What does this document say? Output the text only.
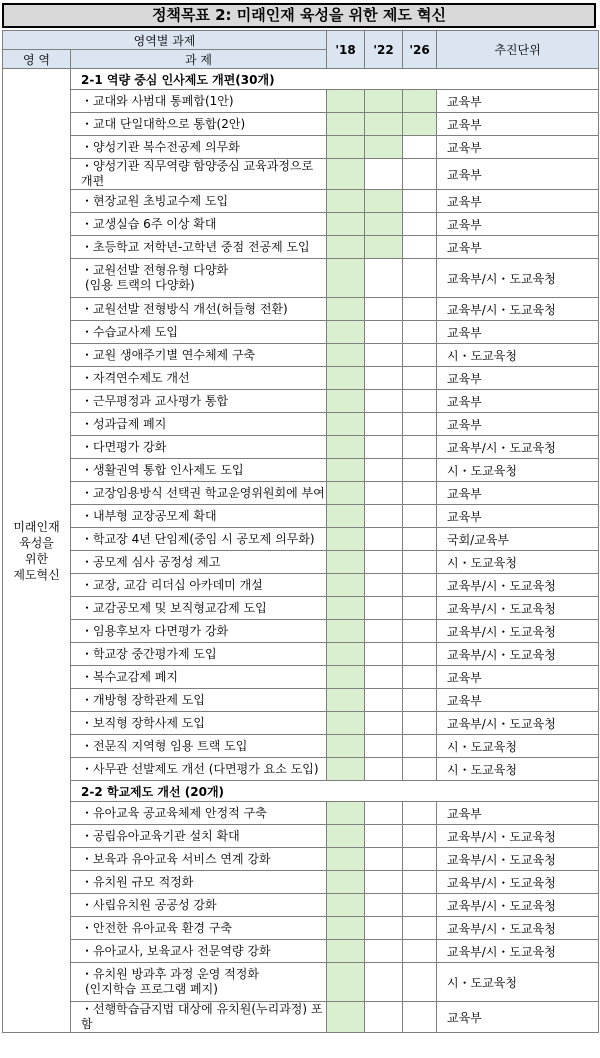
정책목표 2: 미래인재 육성을 위한 제도 혁신
영역별 과제		'18	'22	'26	추진단위
영 역	과 제				

미래인재
육성을
위한
제도혁신	2-1 역량 중심 인사제도 개편(30개)				

	・교대와 사범대 통폐합(1안)				교육부

	・교대 단일대학으로 통합(2안)				교육부

	・양성기관 복수전공제 의무화				교육부

	・양성기관 직무역량 함양중심 교육과정으로 개편				교육부

	・현장교원 초빙교수제 도입				교육부

	・교생실습 6주 이상 확대				교육부

	・초등학교 저학년-고학년 중점 전공제 도입				교육부

	・교원선발 전형유형 다양화
(임용 트랙의 다양화)				교육부/시・도교육청

	・교원선발 전형방식 개선(허들형 전환)				교육부/시・도교육청

	・수습교사제 도입				교육부

	・교원 생애주기별 연수체제 구축				시・도교육청

	・자격연수제도 개선				교육부

	・근무평정과 교사평가 통합				교육부

	・성과급제 폐지				교육부

	・다면평가 강화				교육부/시・도교육청

	・생활권역 통합 인사제도 도입				시・도교육청

	・교장임용방식 선택권 학교운영위원회에 부여				교육부

	・내부형 교장공모제 확대				교육부

	・학교장 4년 단임제(중임 시 공모제 의무화)				국회/교육부

	・공모제 심사 공정성 제고				시・도교육청

	・교장, 교감 리더십 아카데미 개설				교육부/시・도교육청

	・교감공모제 및 보직형교감제 도입				교육부/시・도교육청

	・임용후보자 다면평가 강화				교육부/시・도교육청

	・학교장 중간평가제 도입				교육부/시・도교육청

	・복수교감제 폐지				교육부

	・개방형 장학관제 도입				교육부

	・보직형 장학사제 도입				교육부/시・도교육청

	・전문직 지역형 임용 트랙 도입				시・도교육청

	・사무관 선발제도 개선 (다면평가 요소 도입)				시・도교육청
	2-2 학교제도 개선 (20개)				

	・유아교육 공교육체제 안정적 구축				교육부

	・공립유아교육기관 설치 확대				교육부/시・도교육청

	・보육과 유아교육 서비스 연계 강화				교육부/시・도교육청

	・유치원 규모 적정화				교육부/시・도교육청

	・사립유치원 공공성 강화				교육부/시・도교육청

	・안전한 유아교육 환경 구축				교육부/시・도교육청

	・유아교사, 보육교사 전문역량 강화				교육부/시・도교육청

	・유치원 방과후 과정 운영 적정화
(인지학습 프로그램 폐지)				시・도교육청

	・선행학습금지법 대상에 유치원(누리과정) 포함				교육부
